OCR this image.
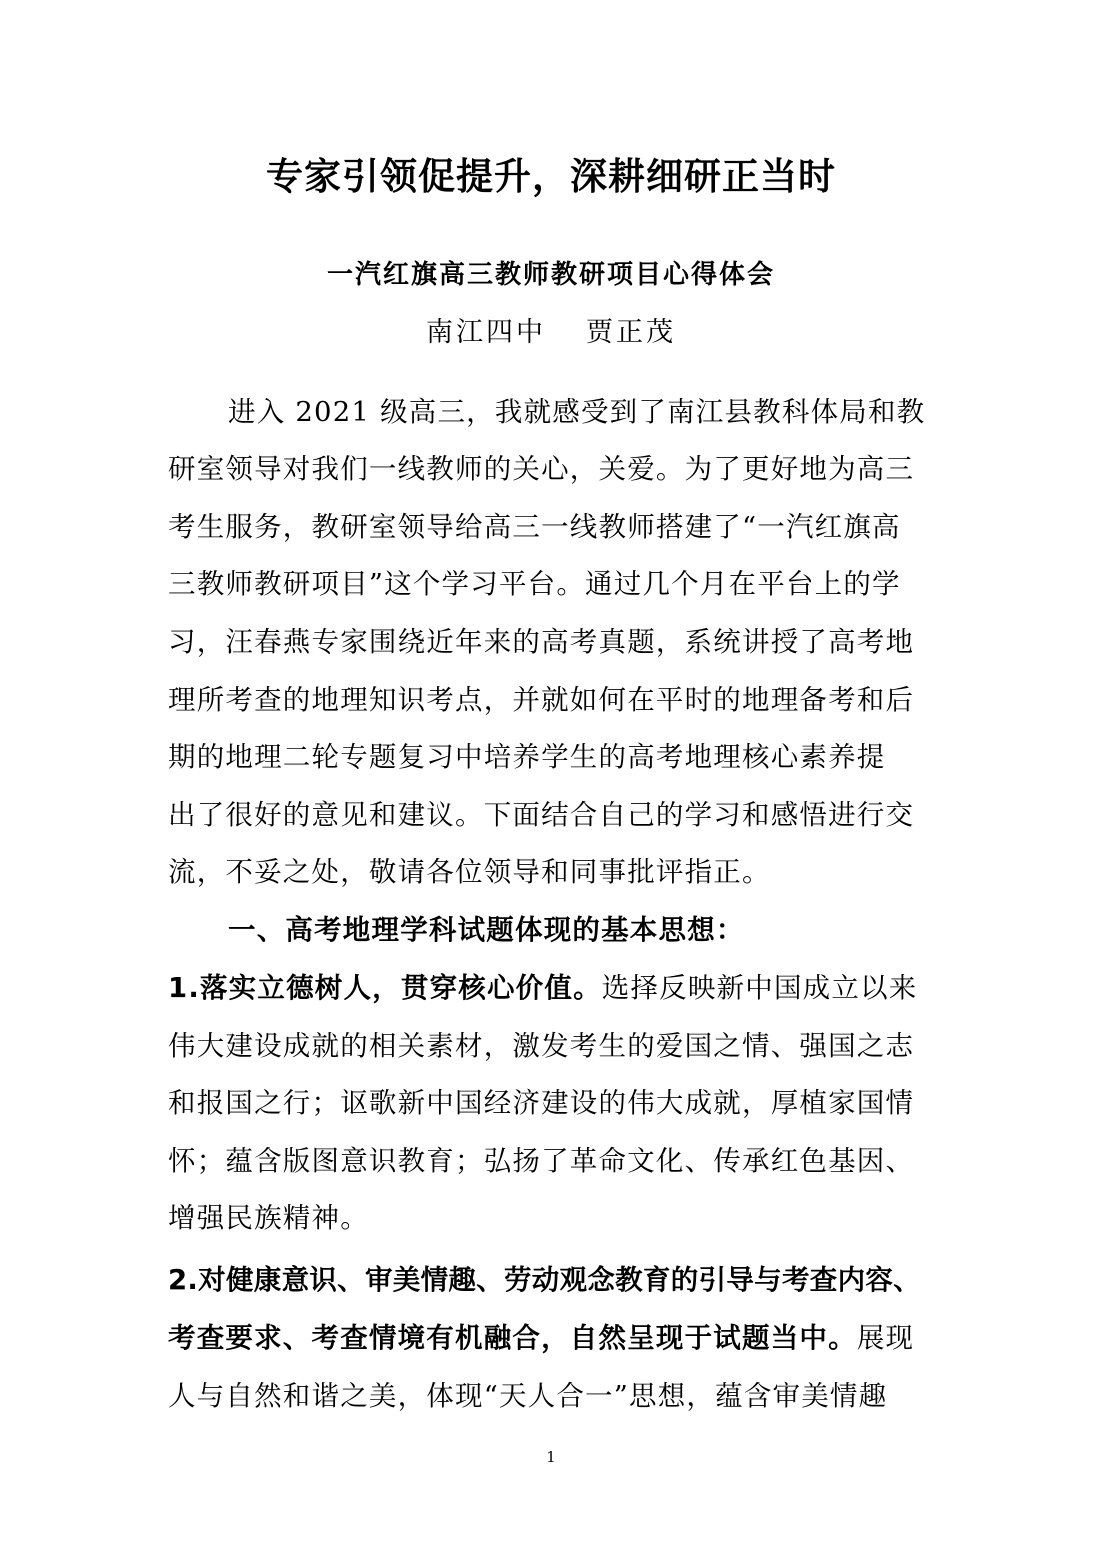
专家引领促提升，深耕细研正当时
一汽红旗高三教师教研项目心得体会
南江四中 贾正茂
进入 2021 级高三，我就感受到了南江县教科体局和教
研室领导对我们一线教师的关心，关爱。为了更好地为高三
考生服务，教研室领导给高三一线教师搭建了“一汽红旗高
三教师教研项目”这个学习平台。通过几个月在平台上的学
习，汪春燕专家围绕近年来的高考真题，系统讲授了高考地
理所考查的地理知识考点，并就如何在平时的地理备考和后
期的地理二轮专题复习中培养学生的高考地理核心素养提
出了很好的意见和建议。下面结合自己的学习和感悟进行交
流，不妥之处，敬请各位领导和同事批评指正。
一、高考地理学科试题体现的基本思想：
1.落实立德树人，贯穿核心价值。选择反映新中国成立以来
伟大建设成就的相关素材，激发考生的爱国之情、强国之志
和报国之行；讴歌新中国经济建设的伟大成就，厚植家国情
怀；蕴含版图意识教育；弘扬了革命文化、传承红色基因、
增强民族精神。
2.对健康意识、审美情趣、劳动观念教育的引导与考查内容、
考查要求、考查情境有机融合，自然呈现于试题当中。展现
人与自然和谐之美，体现“天人合一”思想，蕴含审美情趣
1
